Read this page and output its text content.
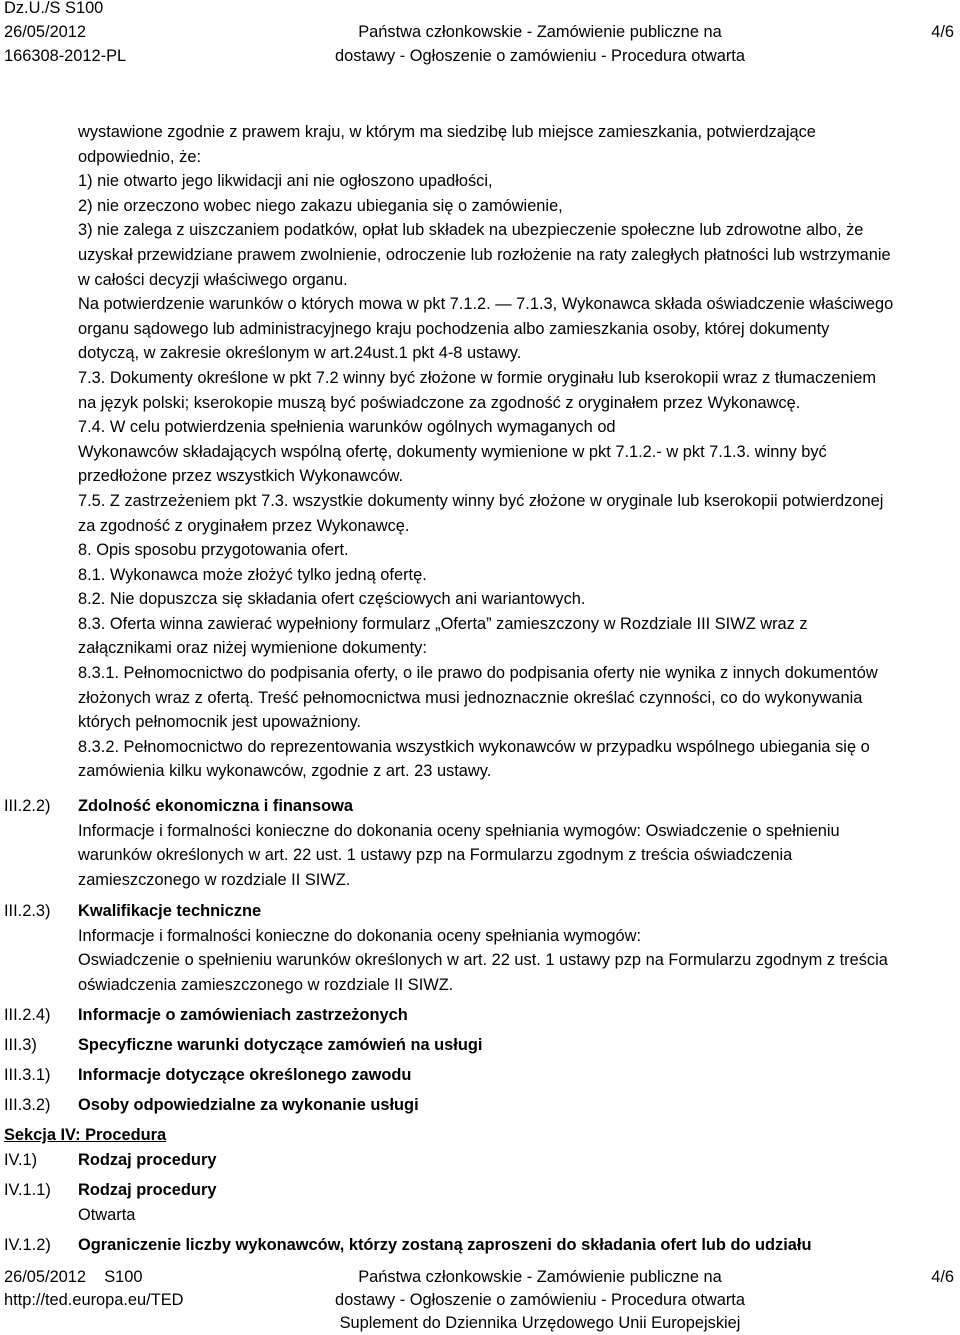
Dz.U./S S100
26/05/2012
166308-2012-PL
Państwa członkowskie - Zamówienie publiczne na
dostawy - Ogłoszenie o zamówieniu - Procedura otwarta
4/6
wystawione zgodnie z prawem kraju, w którym ma siedzibę lub miejsce zamieszkania, potwierdzające
odpowiednio, że:
1) nie otwarto jego likwidacji ani nie ogłoszono upadłości,
2) nie orzeczono wobec niego zakazu ubiegania się o zamówienie,
3) nie zalega z uiszczaniem podatków, opłat lub składek na ubezpieczenie społeczne lub zdrowotne albo, że
uzyskał przewidziane prawem zwolnienie, odroczenie lub rozłożenie na raty zaległych płatności lub wstrzymanie
w całości decyzji właściwego organu.
Na potwierdzenie warunków o których mowa w pkt 7.1.2. — 7.1.3, Wykonawca składa oświadczenie właściwego
organu sądowego lub administracyjnego kraju pochodzenia albo zamieszkania osoby, której dokumenty
dotyczą, w zakresie określonym w art.24ust.1 pkt 4-8 ustawy.
7.3. Dokumenty określone w pkt 7.2 winny być złożone w formie oryginału lub kserokopii wraz z tłumaczeniem
na język polski; kserokopie muszą być poświadczone za zgodność z oryginałem przez Wykonawcę.
7.4. W celu potwierdzenia spełnienia warunków ogólnych wymaganych od
Wykonawców składających wspólną ofertę, dokumenty wymienione w pkt 7.1.2.- w pkt 7.1.3. winny być
przedłożone przez wszystkich Wykonawców.
7.5. Z zastrzeżeniem pkt 7.3. wszystkie dokumenty winny być złożone w oryginale lub kserokopii potwierdzonej
za zgodność z oryginałem przez Wykonawcę.
8. Opis sposobu przygotowania ofert.
8.1. Wykonawca może złożyć tylko jedną ofertę.
8.2. Nie dopuszcza się składania ofert częściowych ani wariantowych.
8.3. Oferta winna zawierać wypełniony formularz „Oferta” zamieszczony w Rozdziale III SIWZ wraz z
załącznikami oraz niżej wymienione dokumenty:
8.3.1. Pełnomocnictwo do podpisania oferty, o ile prawo do podpisania oferty nie wynika z innych dokumentów
złożonych wraz z ofertą. Treść pełnomocnictwa musi jednoznacznie określać czynności, co do wykonywania
których pełnomocnik jest upoważniony.
8.3.2. Pełnomocnictwo do reprezentowania wszystkich wykonawców w przypadku wspólnego ubiegania się o
zamówienia kilku wykonawców, zgodnie z art. 23 ustawy.
III.2.2) Zdolność ekonomiczna i finansowa
Informacje i formalności konieczne do dokonania oceny spełniania wymogów: Oswiadczenie o spełnieniu
warunków określonych w art. 22 ust. 1 ustawy pzp na Formularzu zgodnym z treścia oświadczenia
zamieszczonego w rozdziale II SIWZ.
III.2.3) Kwalifikacje techniczne
Informacje i formalności konieczne do dokonania oceny spełniania wymogów:
Oswiadczenie o spełnieniu warunków określonych w art. 22 ust. 1 ustawy pzp na Formularzu zgodnym z treścia
oświadczenia zamieszczonego w rozdziale II SIWZ.
III.2.4) Informacje o zamówieniach zastrzeżonych
III.3)	Specyficzne warunki dotyczące zamówień na usługi
III.3.1) Informacje dotyczące określonego zawodu
III.3.2) Osoby odpowiedzialne za wykonanie usługi
Sekcja IV: Procedura
IV.1) Rodzaj procedury
IV.1.1) Rodzaj procedury
Otwarta
IV.1.2) Ograniczenie liczby wykonawców, którzy zostaną zaproszeni do składania ofert lub do udziału
26/05/2012    S100
http://ted.europa.eu/TED
Państwa członkowskie - Zamówienie publiczne na
dostawy - Ogłoszenie o zamówieniu - Procedura otwarta
Suplement do Dziennika Urzędowego Unii Europejskiej
4/6
